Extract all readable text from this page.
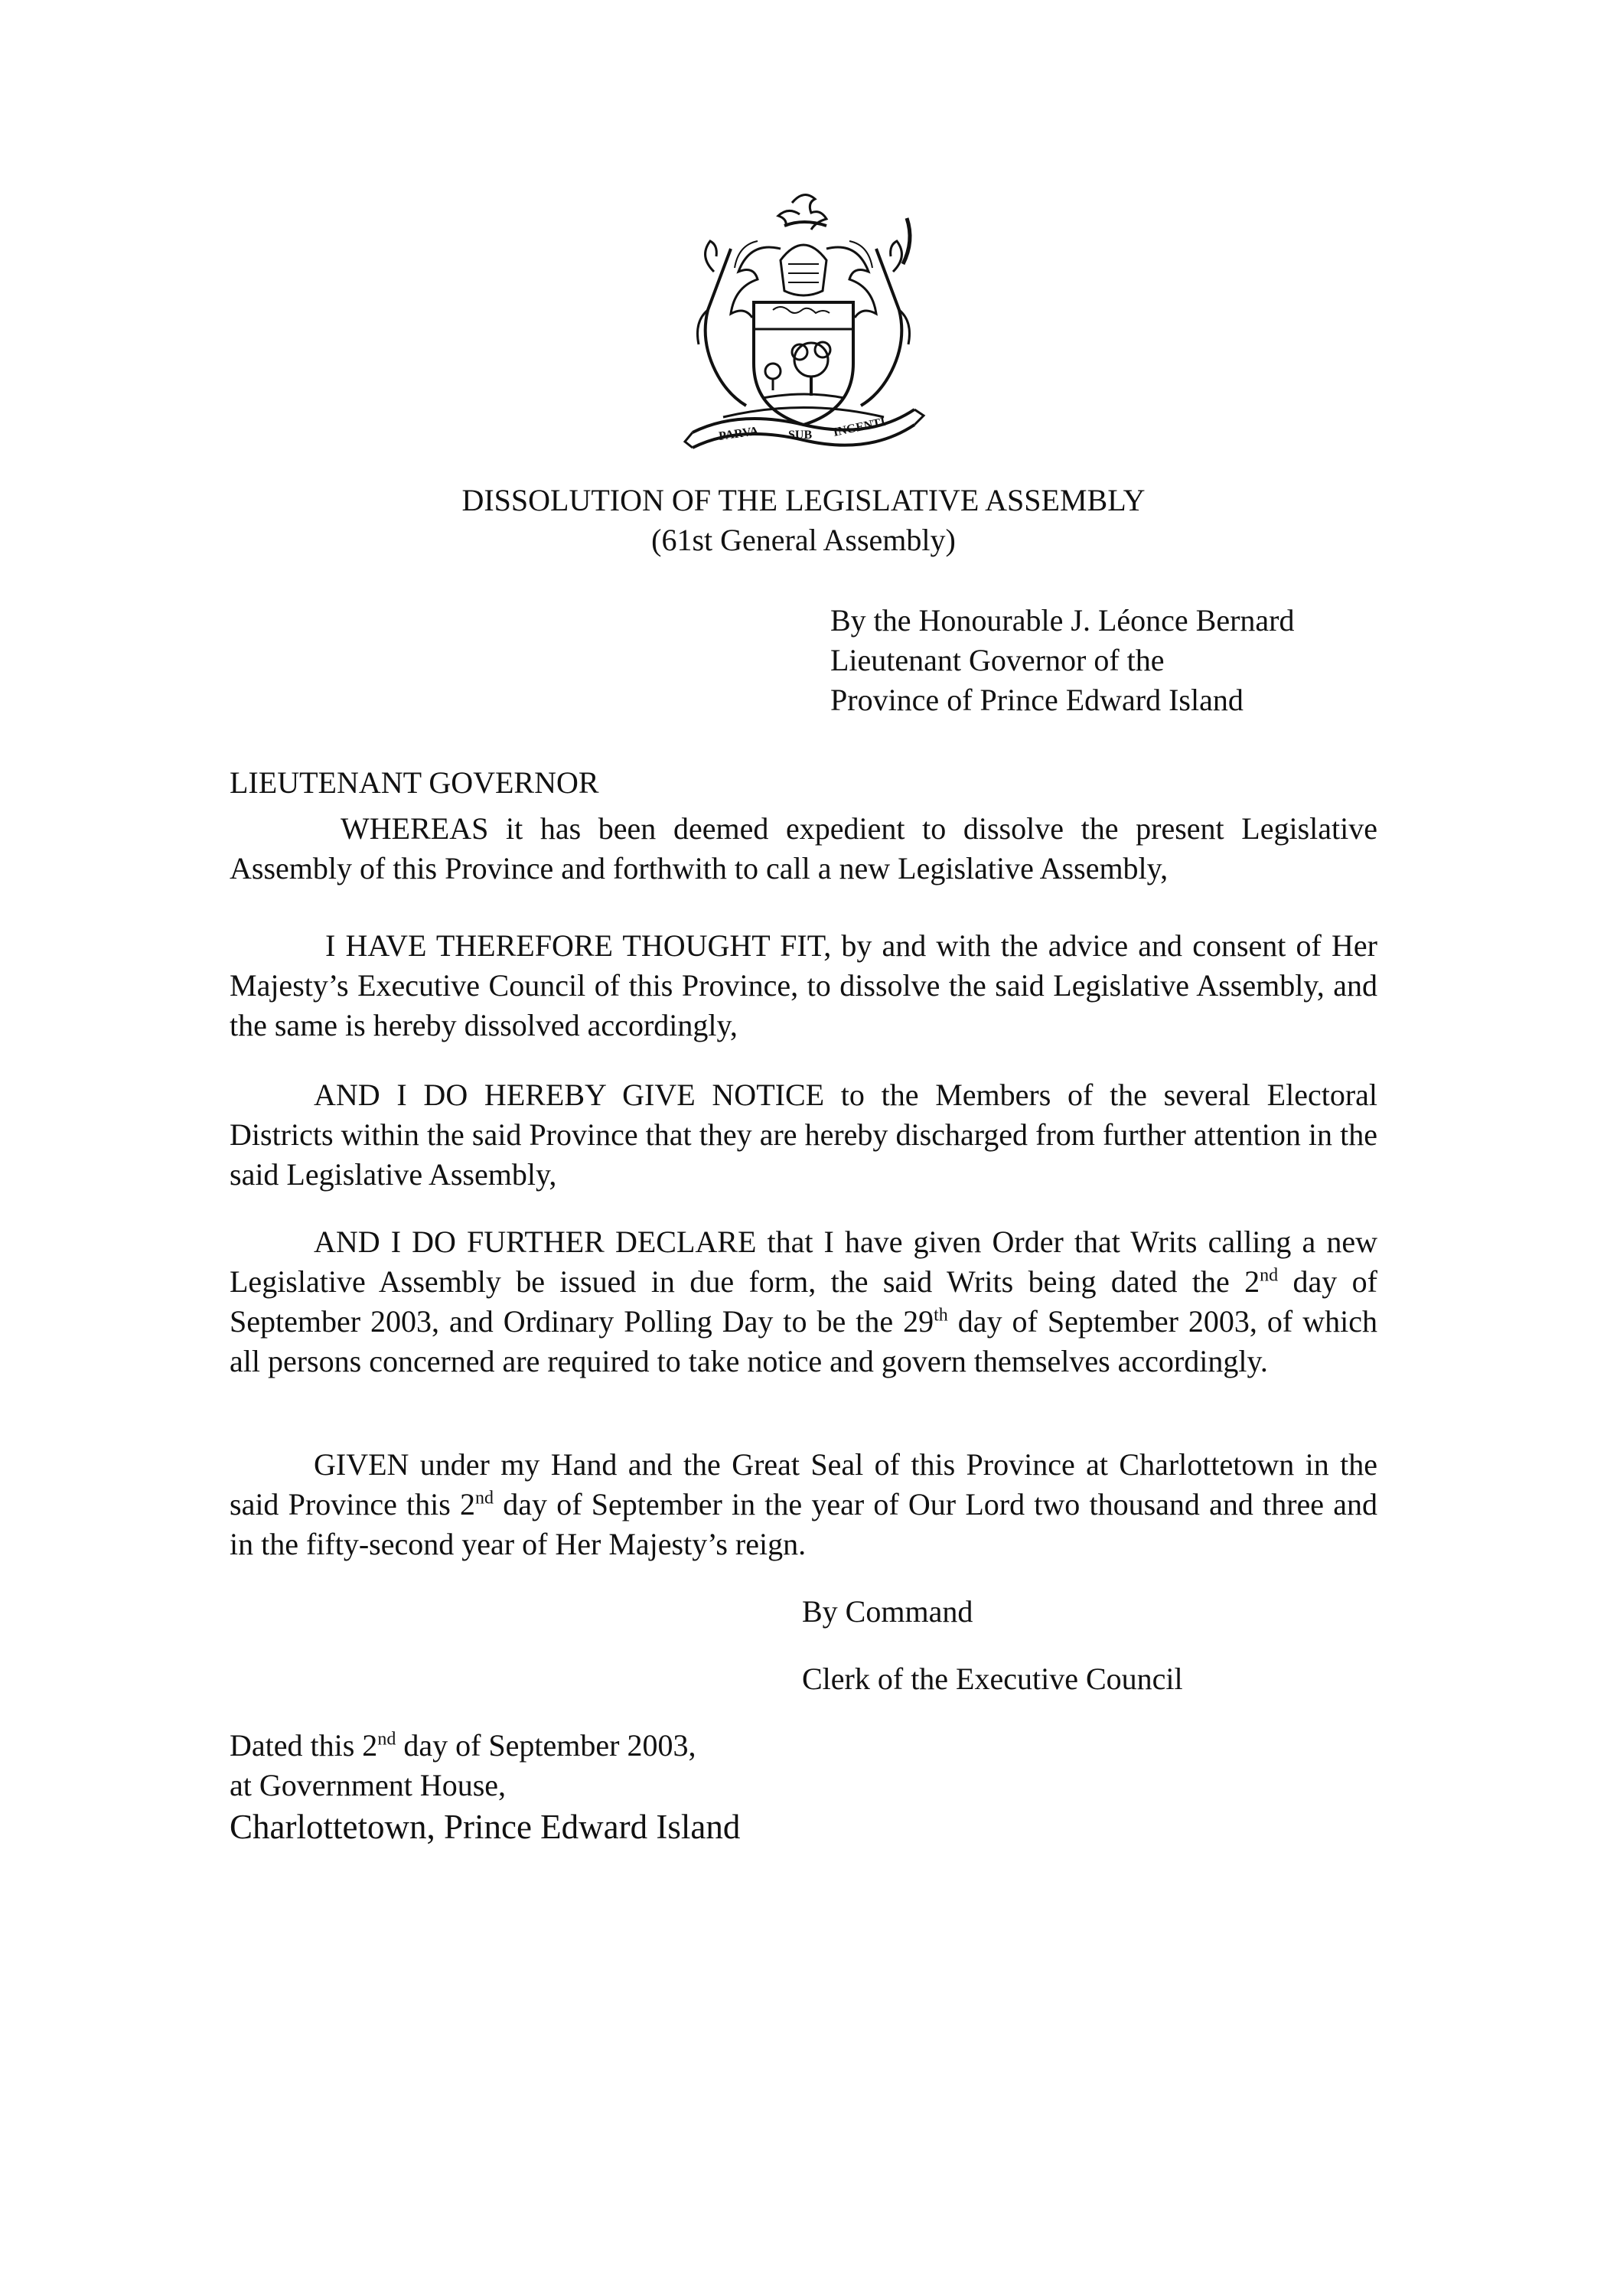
PARVA SUB INGENTI
DISSOLUTION OF THE LEGISLATIVE ASSEMBLY
(61st General Assembly)
By the Honourable J. Léonce Bernard
Lieutenant Governor of the
Province of Prince Edward Island
LIEUTENANT GOVERNOR

WHEREAS it has been deemed expedient to dissolve the present Legislative Assembly of this Province and forthwith to call a new Legislative Assembly,

I HAVE THEREFORE THOUGHT FIT, by and with the advice and consent of Her Majesty’s Executive Council of this Province, to dissolve the said Legislative Assembly, and the same is hereby dissolved accordingly,

AND I DO HEREBY GIVE NOTICE to the Members of the several Electoral Districts within the said Province that they are hereby discharged from further attention in the said Legislative Assembly,

AND I DO FURTHER DECLARE that I have given Order that Writs calling a new Legislative Assembly be issued in due form, the said Writs being dated the 2nd day of September 2003, and Ordinary Polling Day to be the 29th day of September 2003, of which all persons concerned are required to take notice and govern themselves accordingly.

GIVEN under my Hand and the Great Seal of this Province at Charlottetown in the said Province this 2nd day of September in the year of Our Lord two thousand and three and in the fifty-second year of Her Majesty’s reign.

By Command
Clerk of the Executive Council
Dated this 2nd day of September 2003,
at Government House,
Charlottetown, Prince Edward Island
